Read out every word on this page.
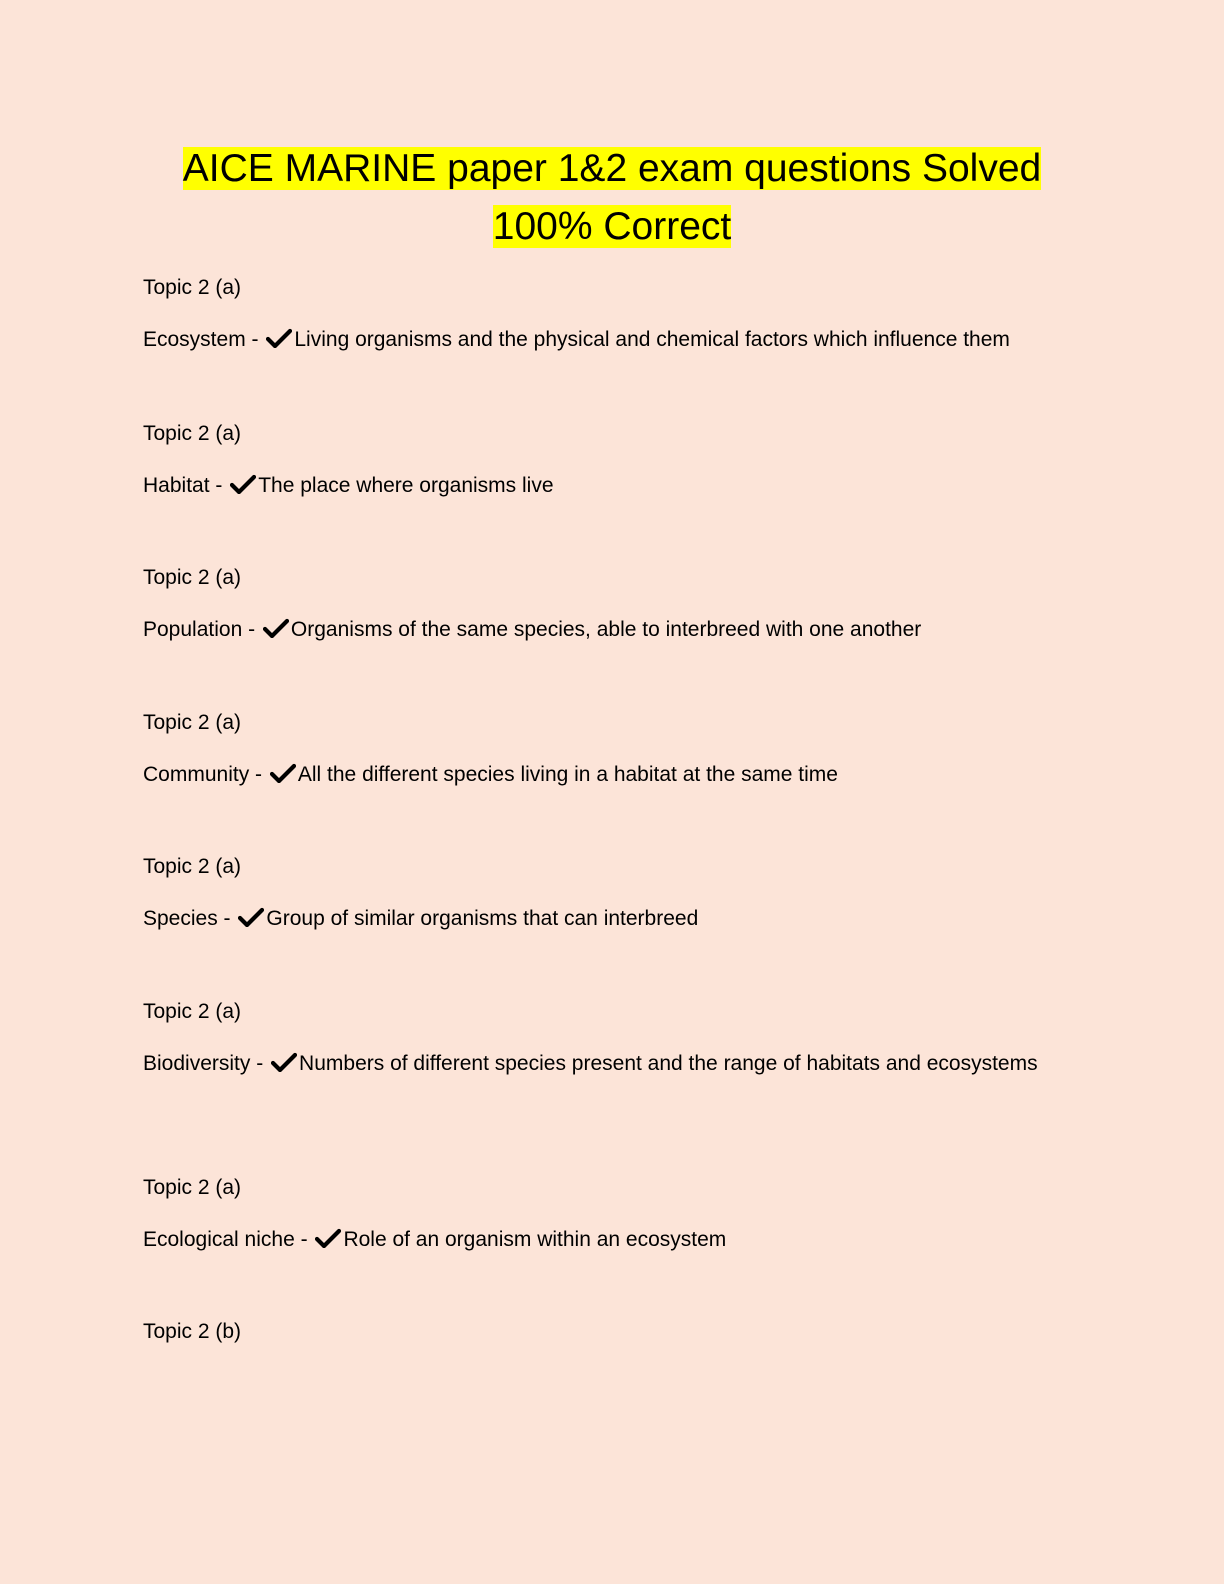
AICE MARINE paper 1&2 exam questions Solved
100% Correct

Topic 2 (a)

Ecosystem - Living organisms and the physical and chemical factors which influence them

Topic 2 (a)

Habitat - The place where organisms live

Topic 2 (a)

Population - Organisms of the same species, able to interbreed with one another

Topic 2 (a)

Community - All the different species living in a habitat at the same time

Topic 2 (a)

Species - Group of similar organisms that can interbreed

Topic 2 (a)

Biodiversity - Numbers of different species present and the range of habitats and ecosystems

Topic 2 (a)

Ecological niche - Role of an organism within an ecosystem

Topic 2 (b)
